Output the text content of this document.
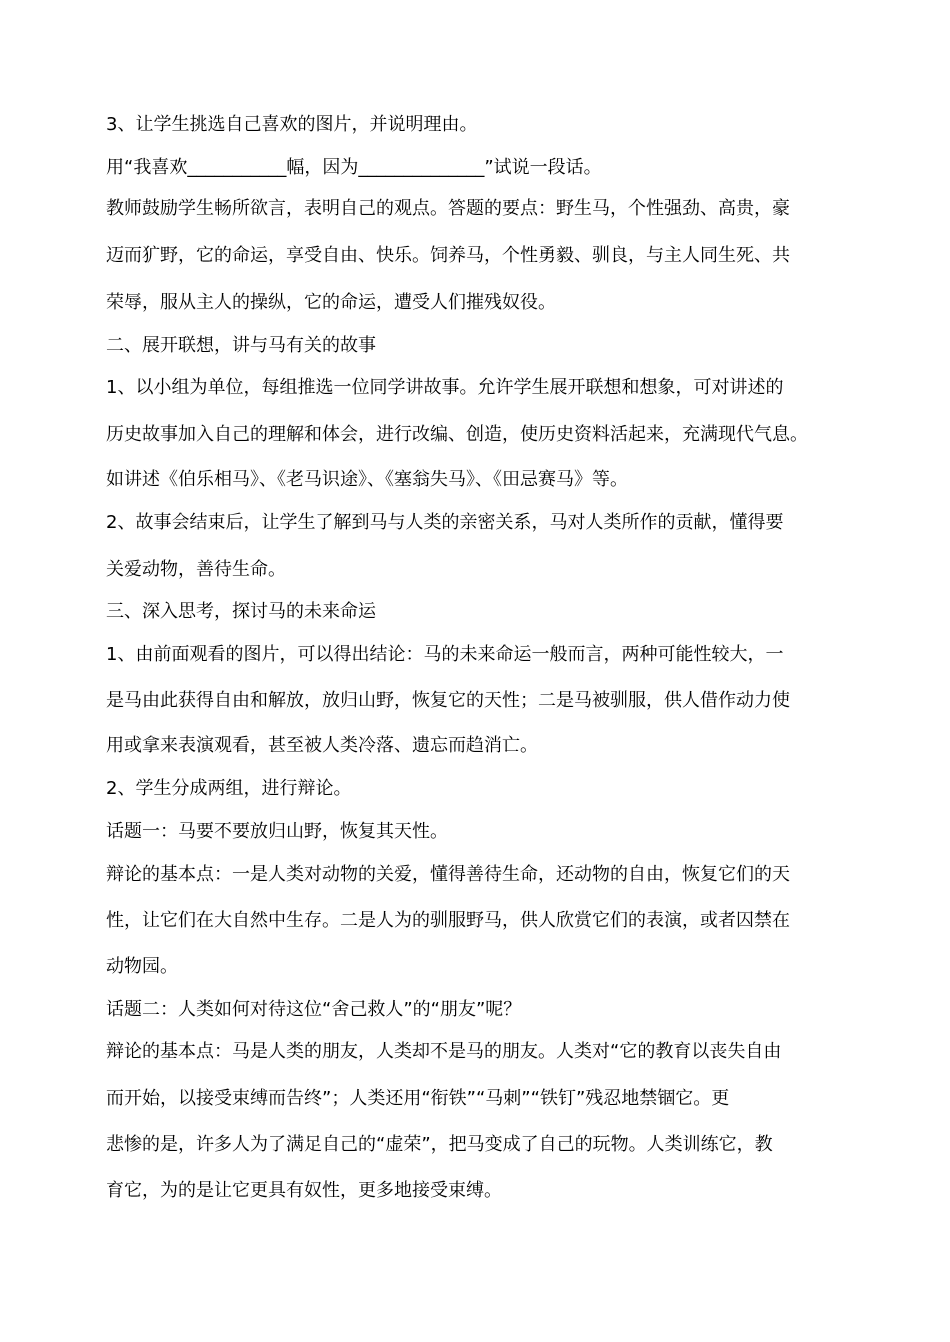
3、让学生挑选自己喜欢的图片，并说明理由。

用“我喜欢___________幅，因为______________”试说一段话。

教师鼓励学生畅所欲言，表明自己的观点。答题的要点：野生马，个性强劲、高贵，豪

迈而犷野，它的命运，享受自由、快乐。饲养马，个性勇毅、驯良，与主人同生死、共

荣辱，服从主人的操纵，它的命运，遭受人们摧残奴役。

二、展开联想，讲与马有关的故事

1、以小组为单位，每组推选一位同学讲故事。允许学生展开联想和想象，可对讲述的

历史故事加入自己的理解和体会，进行改编、创造，使历史资料活起来，充满现代气息。

如讲述《伯乐相马》、《老马识途》、《塞翁失马》、《田忌赛马》等。

2、故事会结束后，让学生了解到马与人类的亲密关系，马对人类所作的贡献，懂得要

关爱动物，善待生命。

三、深入思考，探讨马的未来命运

1、由前面观看的图片，可以得出结论：马的未来命运一般而言，两种可能性较大，一

是马由此获得自由和解放，放归山野，恢复它的天性；二是马被驯服，供人借作动力使

用或拿来表演观看，甚至被人类冷落、遗忘而趋消亡。

2、学生分成两组，进行辩论。

话题一：马要不要放归山野，恢复其天性。

辩论的基本点：一是人类对动物的关爱，懂得善待生命，还动物的自由，恢复它们的天

性，让它们在大自然中生存。二是人为的驯服野马，供人欣赏它们的表演，或者囚禁在

动物园。

话题二：人类如何对待这位“舍己救人”的“朋友”呢？

辩论的基本点：马是人类的朋友，人类却不是马的朋友。人类对“它的教育以丧失自由

而开始，以接受束缚而告终”；人类还用“衔铁”“马刺”“铁钉”残忍地禁锢它。更

悲惨的是，许多人为了满足自己的“虚荣”，把马变成了自己的玩物。人类训练它，教

育它，为的是让它更具有奴性，更多地接受束缚。
